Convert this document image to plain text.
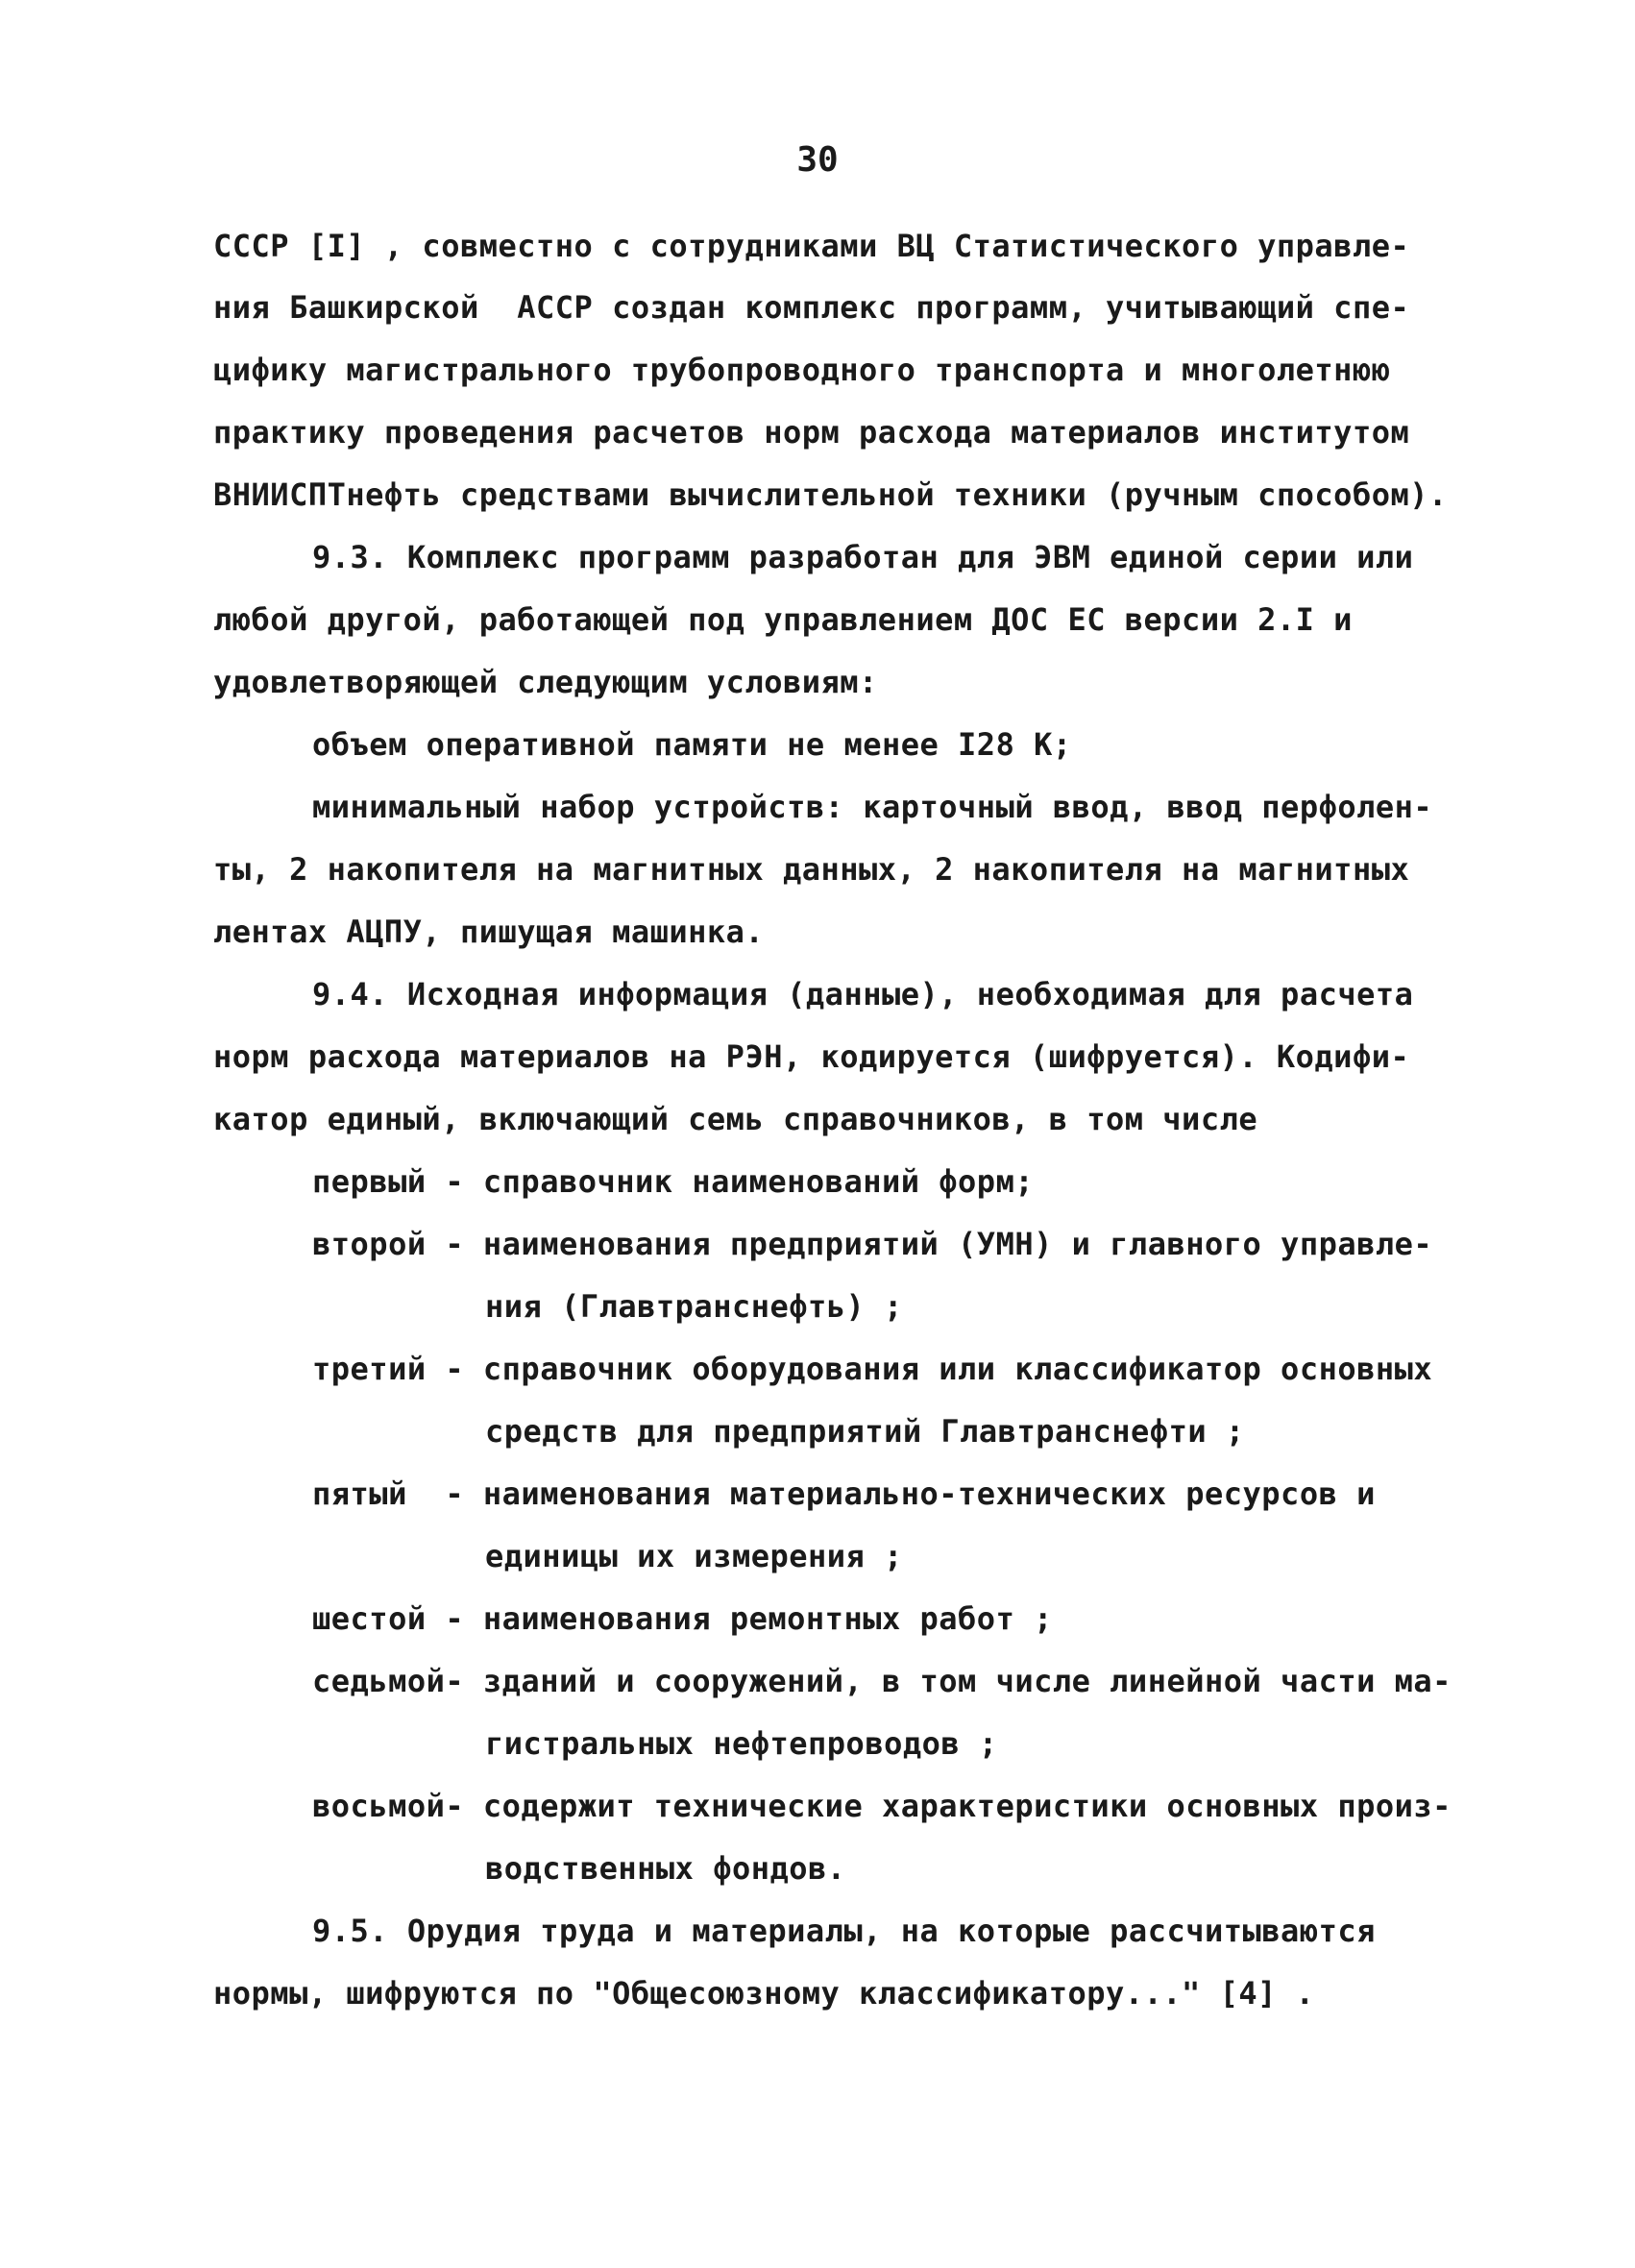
30
СССР [I] , совместно с сотрудниками ВЦ Статистического управле-
ния Башкирской  АССР создан комплекс программ, учитывающий спе-
цифику магистрального трубопроводного транспорта и многолетнюю
практику проведения расчетов норм расхода материалов институтом
ВНИИСПТнефть средствами вычислительной техники (ручным способом).
9.3. Комплекс программ разработан для ЭВМ единой серии или
любой другой, работающей под управлением ДОС ЕС версии 2.I и
удовлетворяющей следующим условиям:
объем оперативной памяти не менее I28 К;
минимальный набор устройств: карточный ввод, ввод перфолен-
ты, 2 накопителя на магнитных данных, 2 накопителя на магнитных
лентах АЦПУ, пишущая машинка.
9.4. Исходная информация (данные), необходимая для расчета
норм расхода материалов на РЭН, кодируется (шифруется). Кодифи-
катор единый, включающий семь справочников, в том числе
первый - справочник наименований форм;
второй - наименования предприятий (УМН) и главного управле-
ния (Главтранснефть) ;
третий - справочник оборудования или классификатор основных
средств для предприятий Главтранснефти ;
пятый  - наименования материально-технических ресурсов и
единицы их измерения ;
шестой - наименования ремонтных работ ;
седьмой- зданий и сооружений, в том числе линейной части ма-
гистральных нефтепроводов ;
восьмой- содержит технические характеристики основных произ-
водственных фондов.
9.5. Орудия труда и материалы, на которые рассчитываются
нормы, шифруются по "Общесоюзному классификатору..." [4] .
